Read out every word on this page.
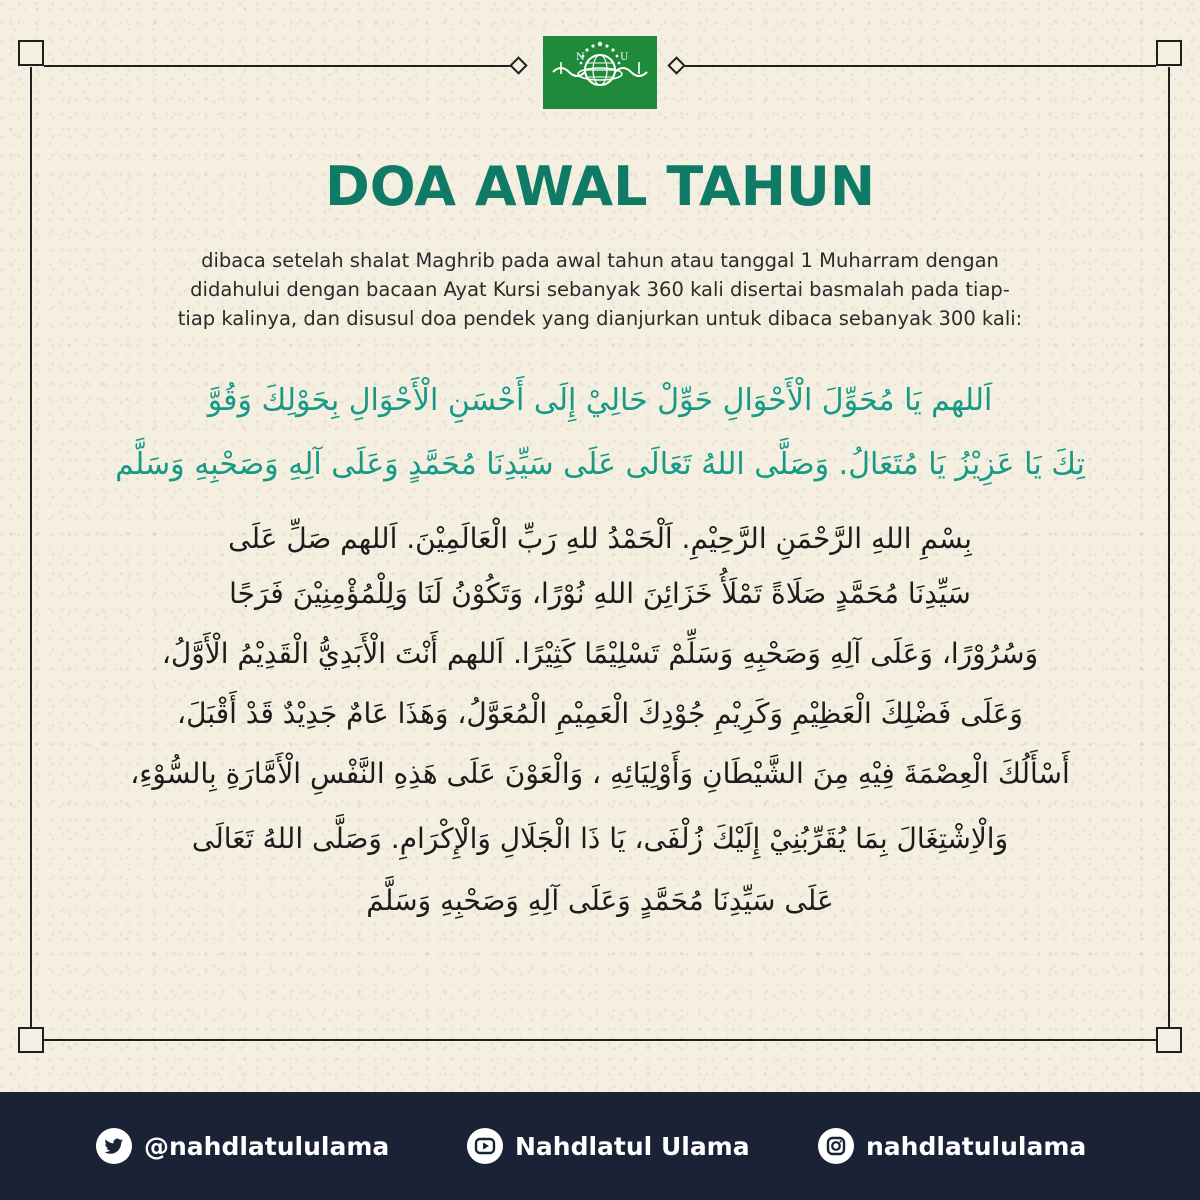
N	U
DOA AWAL TAHUN
dibaca setelah shalat Maghrib pada awal tahun atau tanggal 1 Muharram dengan
didahului dengan bacaan Ayat Kursi sebanyak 360 kali disertai basmalah pada tiap-
tiap kalinya, dan disusul doa pendek yang dianjurkan untuk dibaca sebanyak 300 kali:

اَللهم يَا مُحَوِّلَ الْأَحْوَالِ حَوِّلْ حَالِيْ إِلَى أَحْسَنِ الْأَحْوَالِ بِحَوْلِكَ وَقُوَّ

تِكَ يَا عَزِيْزُ يَا مُتَعَالُ. وَصَلَّى اللهُ تَعَالَى عَلَى سَيِّدِنَا مُحَمَّدٍ وَعَلَى آلِهِ وَصَحْبِهِ وَسَلَّم

بِسْمِ اللهِ الرَّحْمَنِ الرَّحِيْمِ. اَلْحَمْدُ للهِ رَبِّ الْعَالَمِيْنَ. اَللهم صَلِّ عَلَى

سَيِّدِنَا مُحَمَّدٍ صَلَاةً تَمْلَأُ خَزَائِنَ اللهِ نُوْرًا، وَتَكُوْنُ لَنَا وَلِلْمُؤْمِنِيْنَ فَرَجًا

وَسُرُوْرًا، وَعَلَى آلِهِ وَصَحْبِهِ وَسَلِّمْ تَسْلِيْمًا كَثِيْرًا. اَللهم أَنْتَ الْأَبَدِيُّ الْقَدِيْمُ الْأَوَّلُ،

وَعَلَى فَضْلِكَ الْعَظِيْمِ وَكَرِيْمِ جُوْدِكَ الْعَمِيْمِ الْمُعَوَّلُ، وَهَذَا عَامٌ جَدِيْدٌ قَدْ أَقْبَلَ،

أَسْأَلُكَ الْعِصْمَةَ فِيْهِ مِنَ الشَّيْطَانِ وَأَوْلِيَائِهِ ، وَالْعَوْنَ عَلَى هَذِهِ النَّفْسِ الْأَمَّارَةِ بِالسُّوْءِ،

وَالْاِشْتِغَالَ بِمَا يُقَرِّبُنِيْ إِلَيْكَ زُلْفَى، يَا ذَا الْجَلَالِ وَالْإِكْرَامِ. وَصَلَّى اللهُ تَعَالَى

عَلَى سَيِّدِنَا مُحَمَّدٍ وَعَلَى آلِهِ وَصَحْبِهِ وَسَلَّمَ

@nahdlatululama	Nahdlatul Ulama	nahdlatululama
